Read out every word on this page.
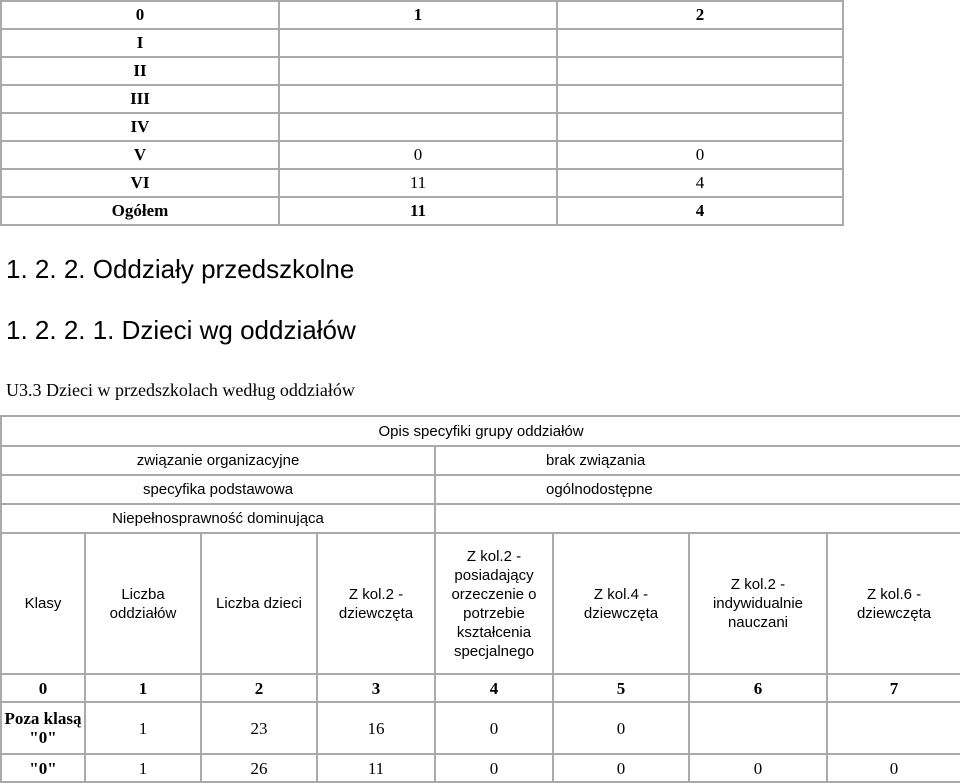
0	1	2
I		
II		
III		
IV		
V	0	0
VI	11	4
Ogółem	11	4
1. 2. 2. Oddziały przedszkolne
1. 2. 2. 1. Dzieci wg oddziałów
U3.3 Dzieci w przedszkolach według oddziałów
Opis specyfiki grupy oddziałów							
związanie organizacyjne				brak związania			
specyfika podstawowa				ogólnodostępne			
Niepełnosprawność dominująca							
Klasy	Liczba oddziałów	Liczba dzieci	Z kol.2 - dziewczęta	Z kol.2 - posiadający orzeczenie o potrzebie kształcenia specjalnego	Z kol.4 - dziewczęta	Z kol.2 - indywidualnie nauczani	Z kol.6 - dziewczęta
0	1	2	3	4	5	6	7
Poza klasą "0"	1	23	16	0	0		
"0"	1	26	11	0	0	0	0
